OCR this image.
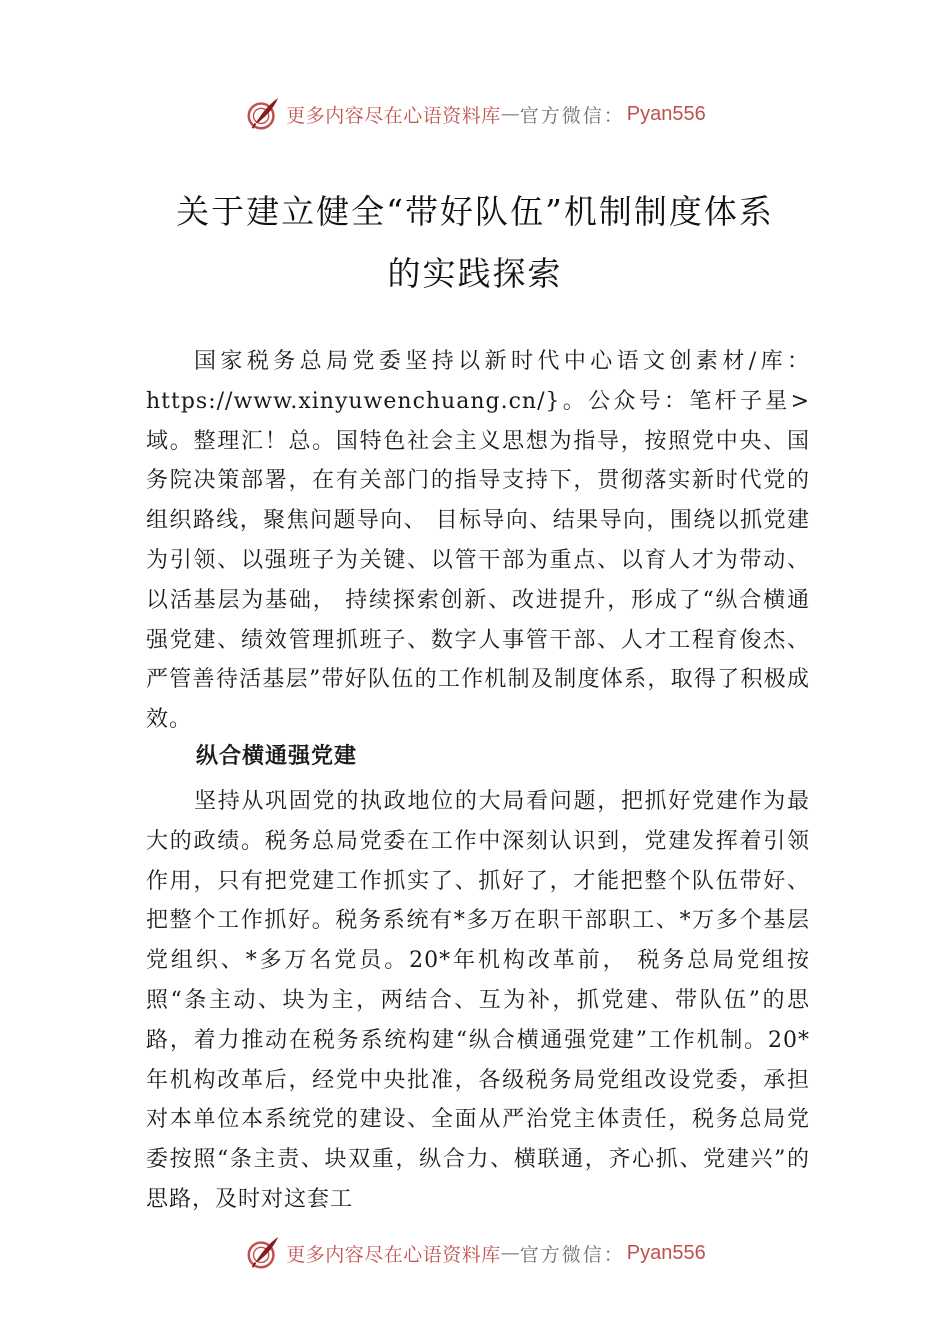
更多内容尽在心语资料库 — 官方微信： Pyan556
关于建立健全“带好队伍”机制制度体系
的实践探索

国家税务总局党委坚持以新时代中心语文创素材/库：https://www.xinyuwenchuang.cn/}。公众号：笔杆子星>域。整理汇！总。国特色社会主义思想为指导，按照党中央、国务院决策部署，在有关部门的指导支持下，贯彻落实新时代党的组织路线，聚焦问题导向、 目标导向、结果导向，围绕以抓党建为引领、以强班子为关键、以管干部为重点、以育人才为带动、以活基层为基础， 持续探索创新、改进提升，形成了“纵合横通强党建、绩效管理抓班子、数字人事管干部、人才工程育俊杰、严管善待活基层”带好队伍的工作机制及制度体系，取得了积极成效。

纵合横通强党建

坚持从巩固党的执政地位的大局看问题，把抓好党建作为最大的政绩。税务总局党委在工作中深刻认识到，党建发挥着引领作用，只有把党建工作抓实了、抓好了，才能把整个队伍带好、把整个工作抓好。税务系统有*多万在职干部职工、*万多个基层党组织、*多万名党员。20*年机构改革前， 税务总局党组按照“条主动、块为主，两结合、互为补，抓党建、带队伍”的思路，着力推动在税务系统构建“纵合横通强党建”工作机制。20*年机构改革后，经党中央批准，各级税务局党组改设党委，承担对本单位本系统党的建设、全面从严治党主体责任，税务总局党委按照“条主责、块双重，纵合力、横联通，齐心抓、党建兴”的思路，及时对这套工

更多内容尽在心语资料库 — 官方微信： Pyan556
